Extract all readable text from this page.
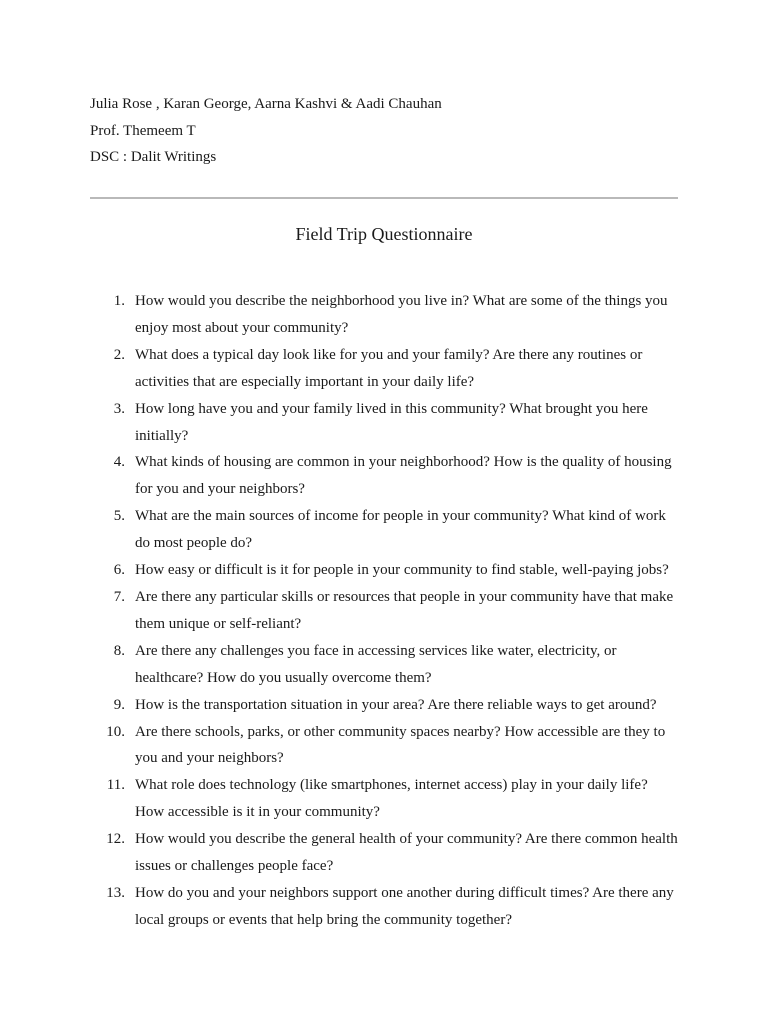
Julia Rose , Karan George, Aarna Kashvi & Aadi Chauhan
Prof. Themeem T
DSC : Dalit Writings
Field Trip Questionnaire
1. How would you describe the neighborhood you live in? What are some of the things you enjoy most about your community?
2. What does a typical day look like for you and your family? Are there any routines or activities that are especially important in your daily life?
3. How long have you and your family lived in this community? What brought you here initially?
4. What kinds of housing are common in your neighborhood? How is the quality of housing for you and your neighbors?
5. What are the main sources of income for people in your community? What kind of work do most people do?
6. How easy or difficult is it for people in your community to find stable, well-paying jobs?
7. Are there any particular skills or resources that people in your community have that make them unique or self-reliant?
8. Are there any challenges you face in accessing services like water, electricity, or healthcare? How do you usually overcome them?
9. How is the transportation situation in your area? Are there reliable ways to get around?
10. Are there schools, parks, or other community spaces nearby? How accessible are they to you and your neighbors?
11. What role does technology (like smartphones, internet access) play in your daily life? How accessible is it in your community?
12. How would you describe the general health of your community? Are there common health issues or challenges people face?
13. How do you and your neighbors support one another during difficult times? Are there any local groups or events that help bring the community together?
